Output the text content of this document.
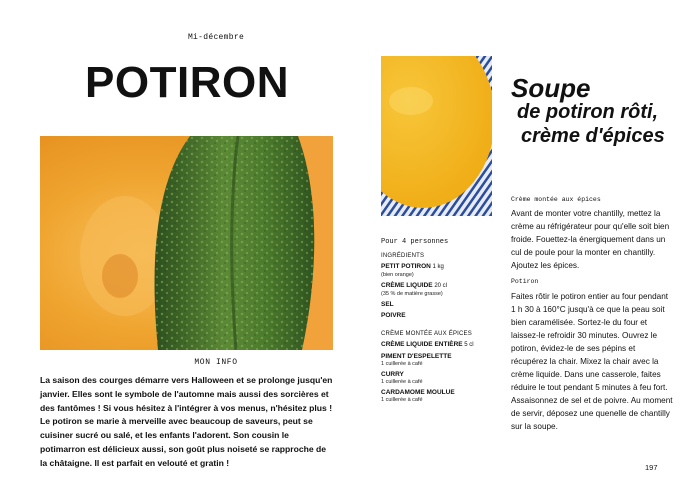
Mi-décembre
POTIRON
MON INFO
La saison des courges démarre vers Halloween et se prolonge jusqu'en janvier. Elles sont le symbole de l'automne mais aussi des sorcières et des fantômes ! Si vous hésitez à l'intégrer à vos menus, n'hésitez plus ! Le potiron se marie à merveille avec beaucoup de saveurs, peut se cuisiner sucré ou salé, et les enfants l'adorent. Son cousin le potimarron est délicieux aussi, son goût plus noiseté se rapproche de la châtaigne. Il est parfait en velouté et gratin !
Pour 4 personnes
INGRÉDIENTS
PETIT POTIRON 1 kg
(bien orange)
CRÈME LIQUIDE 20 cl
(35 % de matière grasse)
SEL
POIVRE
CRÈME MONTÉE AUX ÉPICES
CRÈME LIQUIDE ENTIÈRE 5 cl
PIMENT D'ESPELETTE
1 cuillerée à café
CURRY
1 cuillerée à café
CARDAMOME MOULUE
1 cuillerée à café
Soupe
de potiron rôti,
crème d'épices
Crème montée aux épices
Avant de monter votre chantilly, mettez la crème au réfrigérateur pour qu'elle soit bien froide. Fouettez-la énergiquement dans un cul de poule pour la monter en chantilly. Ajoutez les épices.
Potiron
Faites rôtir le potiron entier au four pendant 1 h 30 à 160°C jusqu'à ce que la peau soit bien caramélisée. Sortez-le du four et laissez-le refroidir 30 minutes. Ouvrez le potiron, évidez-le de ses pépins et récupérez la chair. Mixez la chair avec la crème liquide. Dans une casserole, faites réduire le tout pendant 5 minutes à feu fort. Assaisonnez de sel et de poivre. Au moment de servir, déposez une quenelle de chantilly sur la soupe.
197
